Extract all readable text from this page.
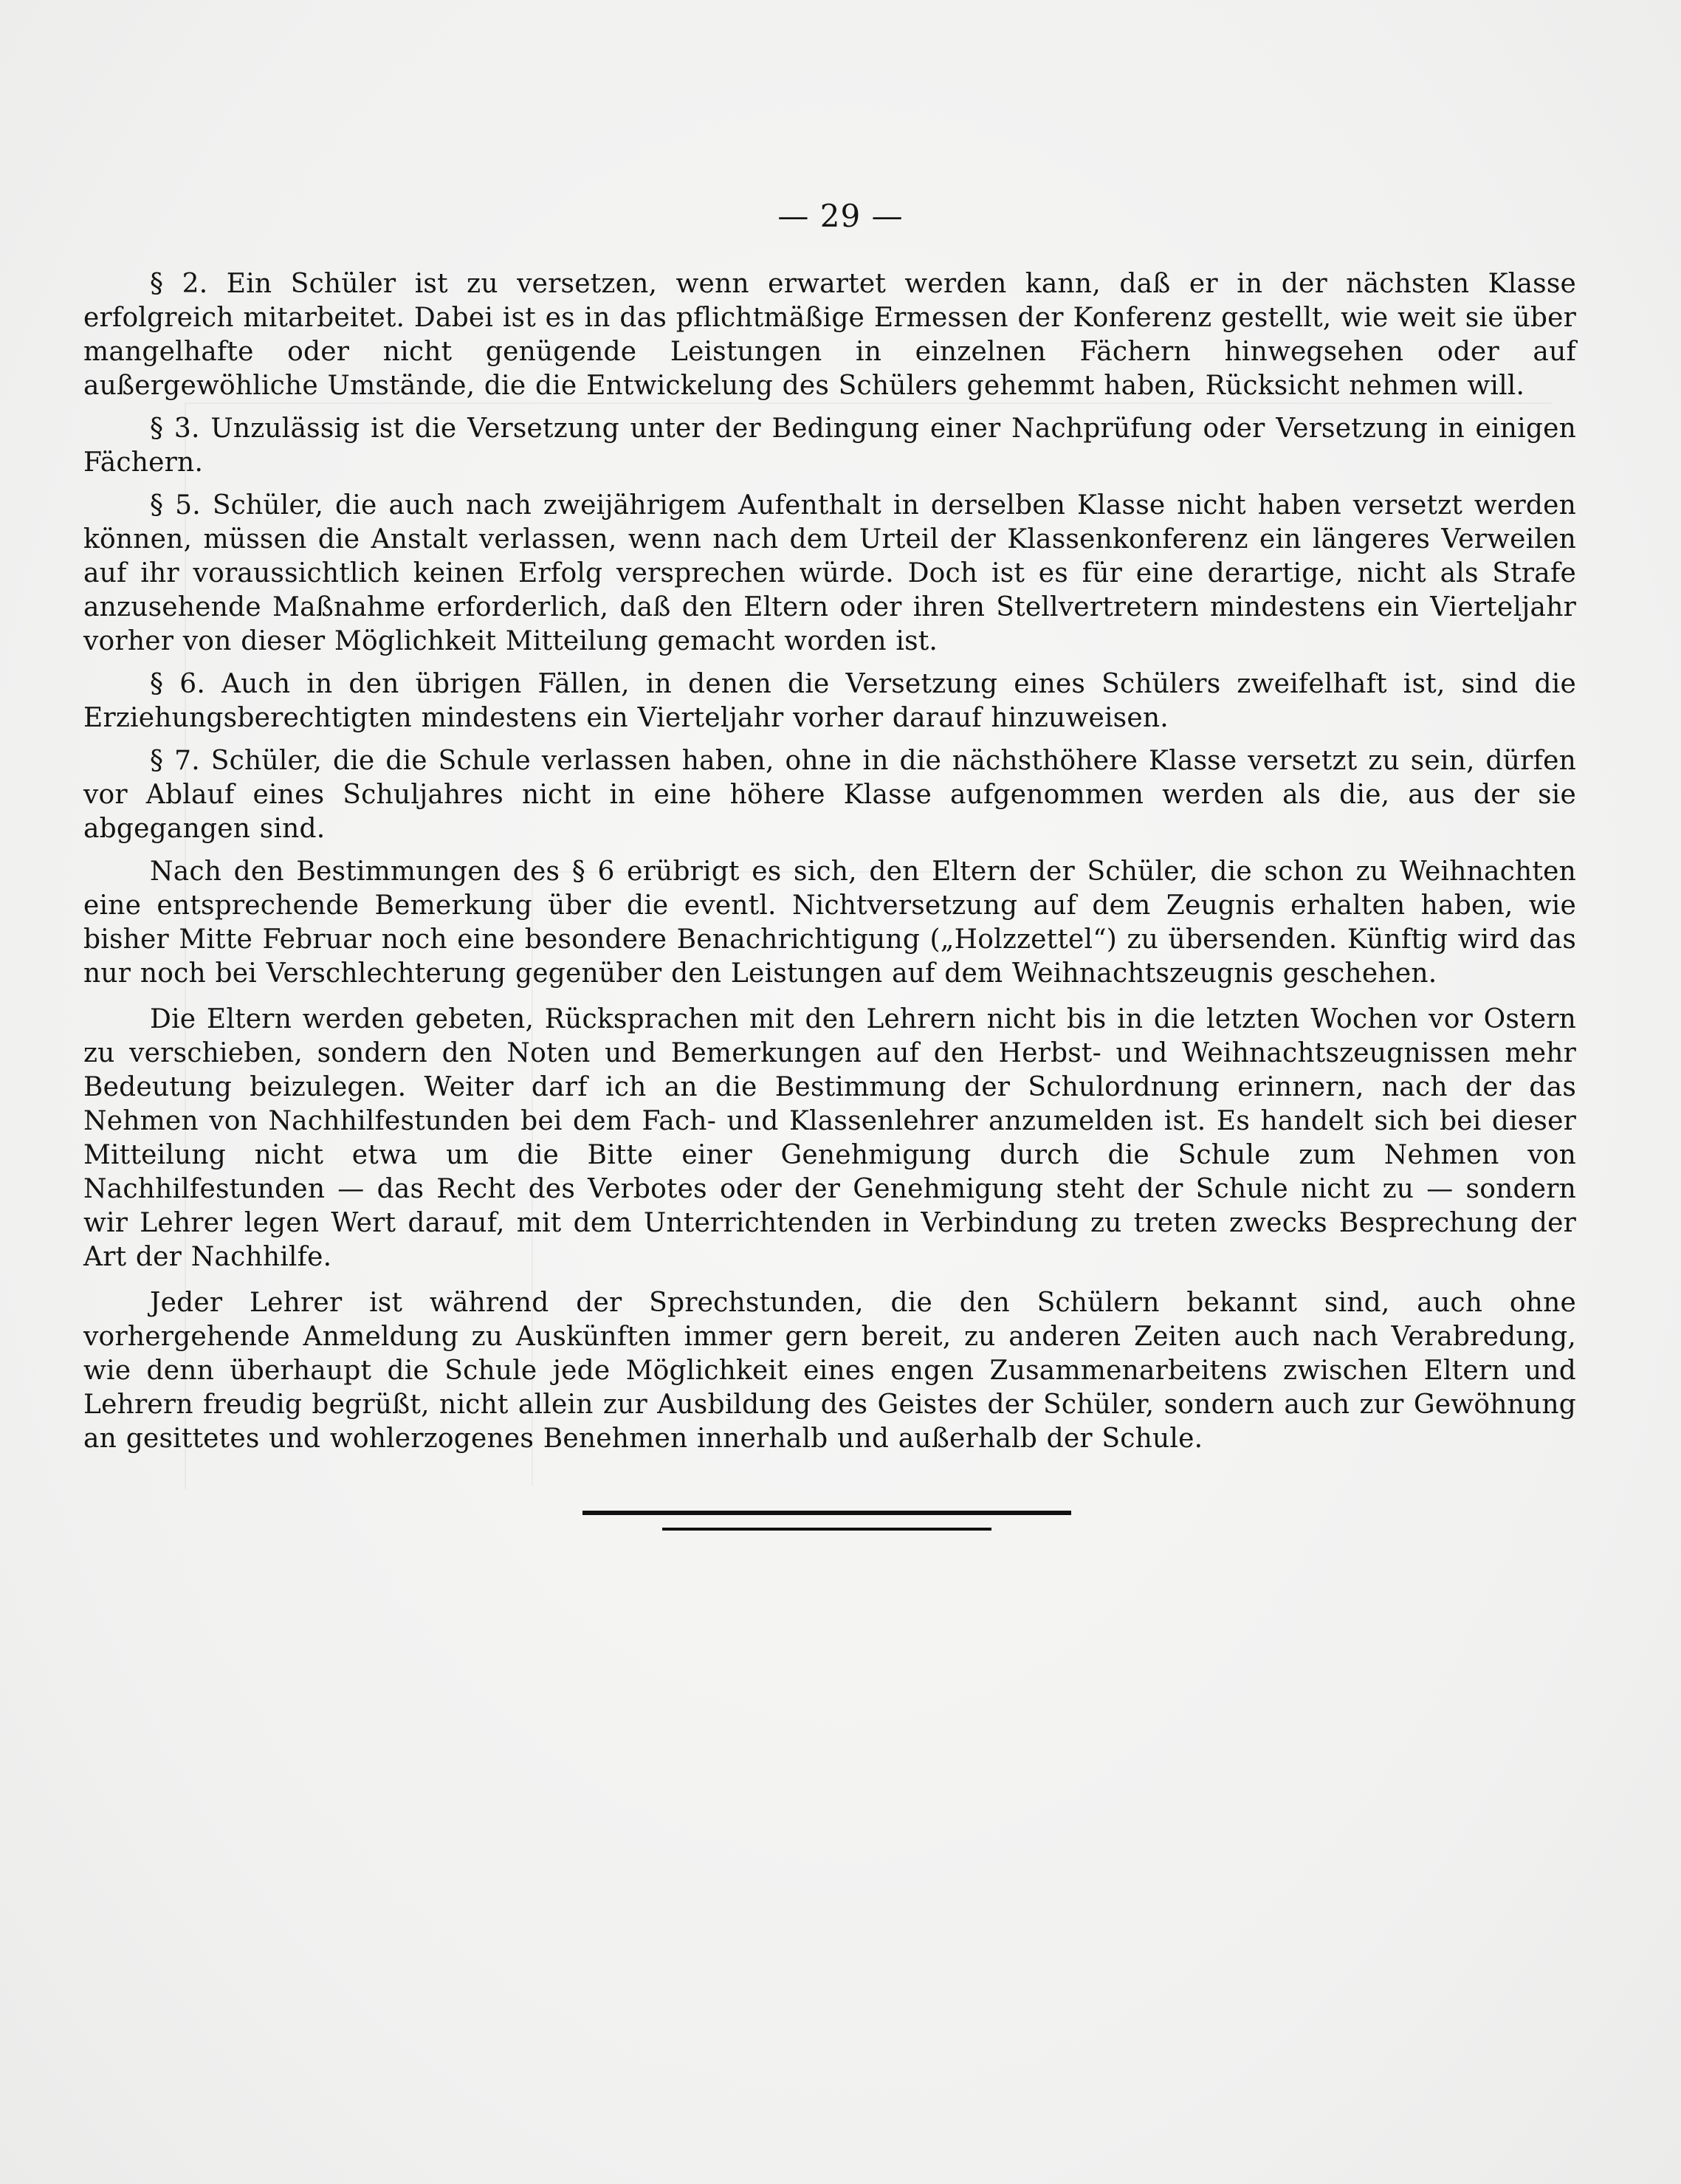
— 29 —

§ 2. Ein Schüler ist zu versetzen, wenn erwartet werden kann, daß er in der nächsten Klasse erfolgreich mitarbeitet. Dabei ist es in das pflichtmäßige Ermessen der Konferenz gestellt, wie weit sie über mangelhafte oder nicht genügende Leistungen in einzelnen Fächern hinwegsehen oder auf außergewöhliche Umstände, die die Entwickelung des Schülers gehemmt haben, Rücksicht nehmen will.

§ 3. Unzulässig ist die Versetzung unter der Bedingung einer Nachprüfung oder Versetzung in einigen Fächern.

§ 5. Schüler, die auch nach zweijährigem Aufenthalt in derselben Klasse nicht haben versetzt werden können, müssen die Anstalt verlassen, wenn nach dem Urteil der Klassenkonferenz ein längeres Verweilen auf ihr voraussichtlich keinen Erfolg versprechen würde. Doch ist es für eine derartige, nicht als Strafe anzusehende Maßnahme erforderlich, daß den Eltern oder ihren Stellvertretern mindestens ein Vierteljahr vorher von dieser Möglichkeit Mitteilung gemacht worden ist.

§ 6. Auch in den übrigen Fällen, in denen die Versetzung eines Schülers zweifelhaft ist, sind die Erziehungsberechtigten mindestens ein Vierteljahr vorher darauf hinzuweisen.

§ 7. Schüler, die die Schule verlassen haben, ohne in die nächsthöhere Klasse versetzt zu sein, dürfen vor Ablauf eines Schuljahres nicht in eine höhere Klasse aufgenommen werden als die, aus der sie abgegangen sind.

Nach den Bestimmungen des § 6 erübrigt es sich, den Eltern der Schüler, die schon zu Weihnachten eine entsprechende Bemerkung über die eventl. Nichtversetzung auf dem Zeugnis erhalten haben, wie bisher Mitte Februar noch eine besondere Benachrichtigung („Holzzettel“) zu übersenden. Künftig wird das nur noch bei Verschlechterung gegenüber den Leistungen auf dem Weihnachtszeugnis geschehen.

Die Eltern werden gebeten, Rücksprachen mit den Lehrern nicht bis in die letzten Wochen vor Ostern zu verschieben, sondern den Noten und Bemerkungen auf den Herbst- und Weihnachtszeugnissen mehr Bedeutung beizulegen. Weiter darf ich an die Bestimmung der Schulordnung erinnern, nach der das Nehmen von Nachhilfestunden bei dem Fach- und Klassenlehrer anzumelden ist. Es handelt sich bei dieser Mitteilung nicht etwa um die Bitte einer Genehmigung durch die Schule zum Nehmen von Nachhilfestunden — das Recht des Verbotes oder der Genehmigung steht der Schule nicht zu — sondern wir Lehrer legen Wert darauf, mit dem Unterrichtenden in Verbindung zu treten zwecks Besprechung der Art der Nachhilfe.

Jeder Lehrer ist während der Sprechstunden, die den Schülern bekannt sind, auch ohne vorhergehende Anmeldung zu Auskünften immer gern bereit, zu anderen Zeiten auch nach Verabredung, wie denn überhaupt die Schule jede Möglichkeit eines engen Zusammenarbeitens zwischen Eltern und Lehrern freudig begrüßt, nicht allein zur Ausbildung des Geistes der Schüler, sondern auch zur Gewöhnung an gesittetes und wohlerzogenes Benehmen innerhalb und außerhalb der Schule.
